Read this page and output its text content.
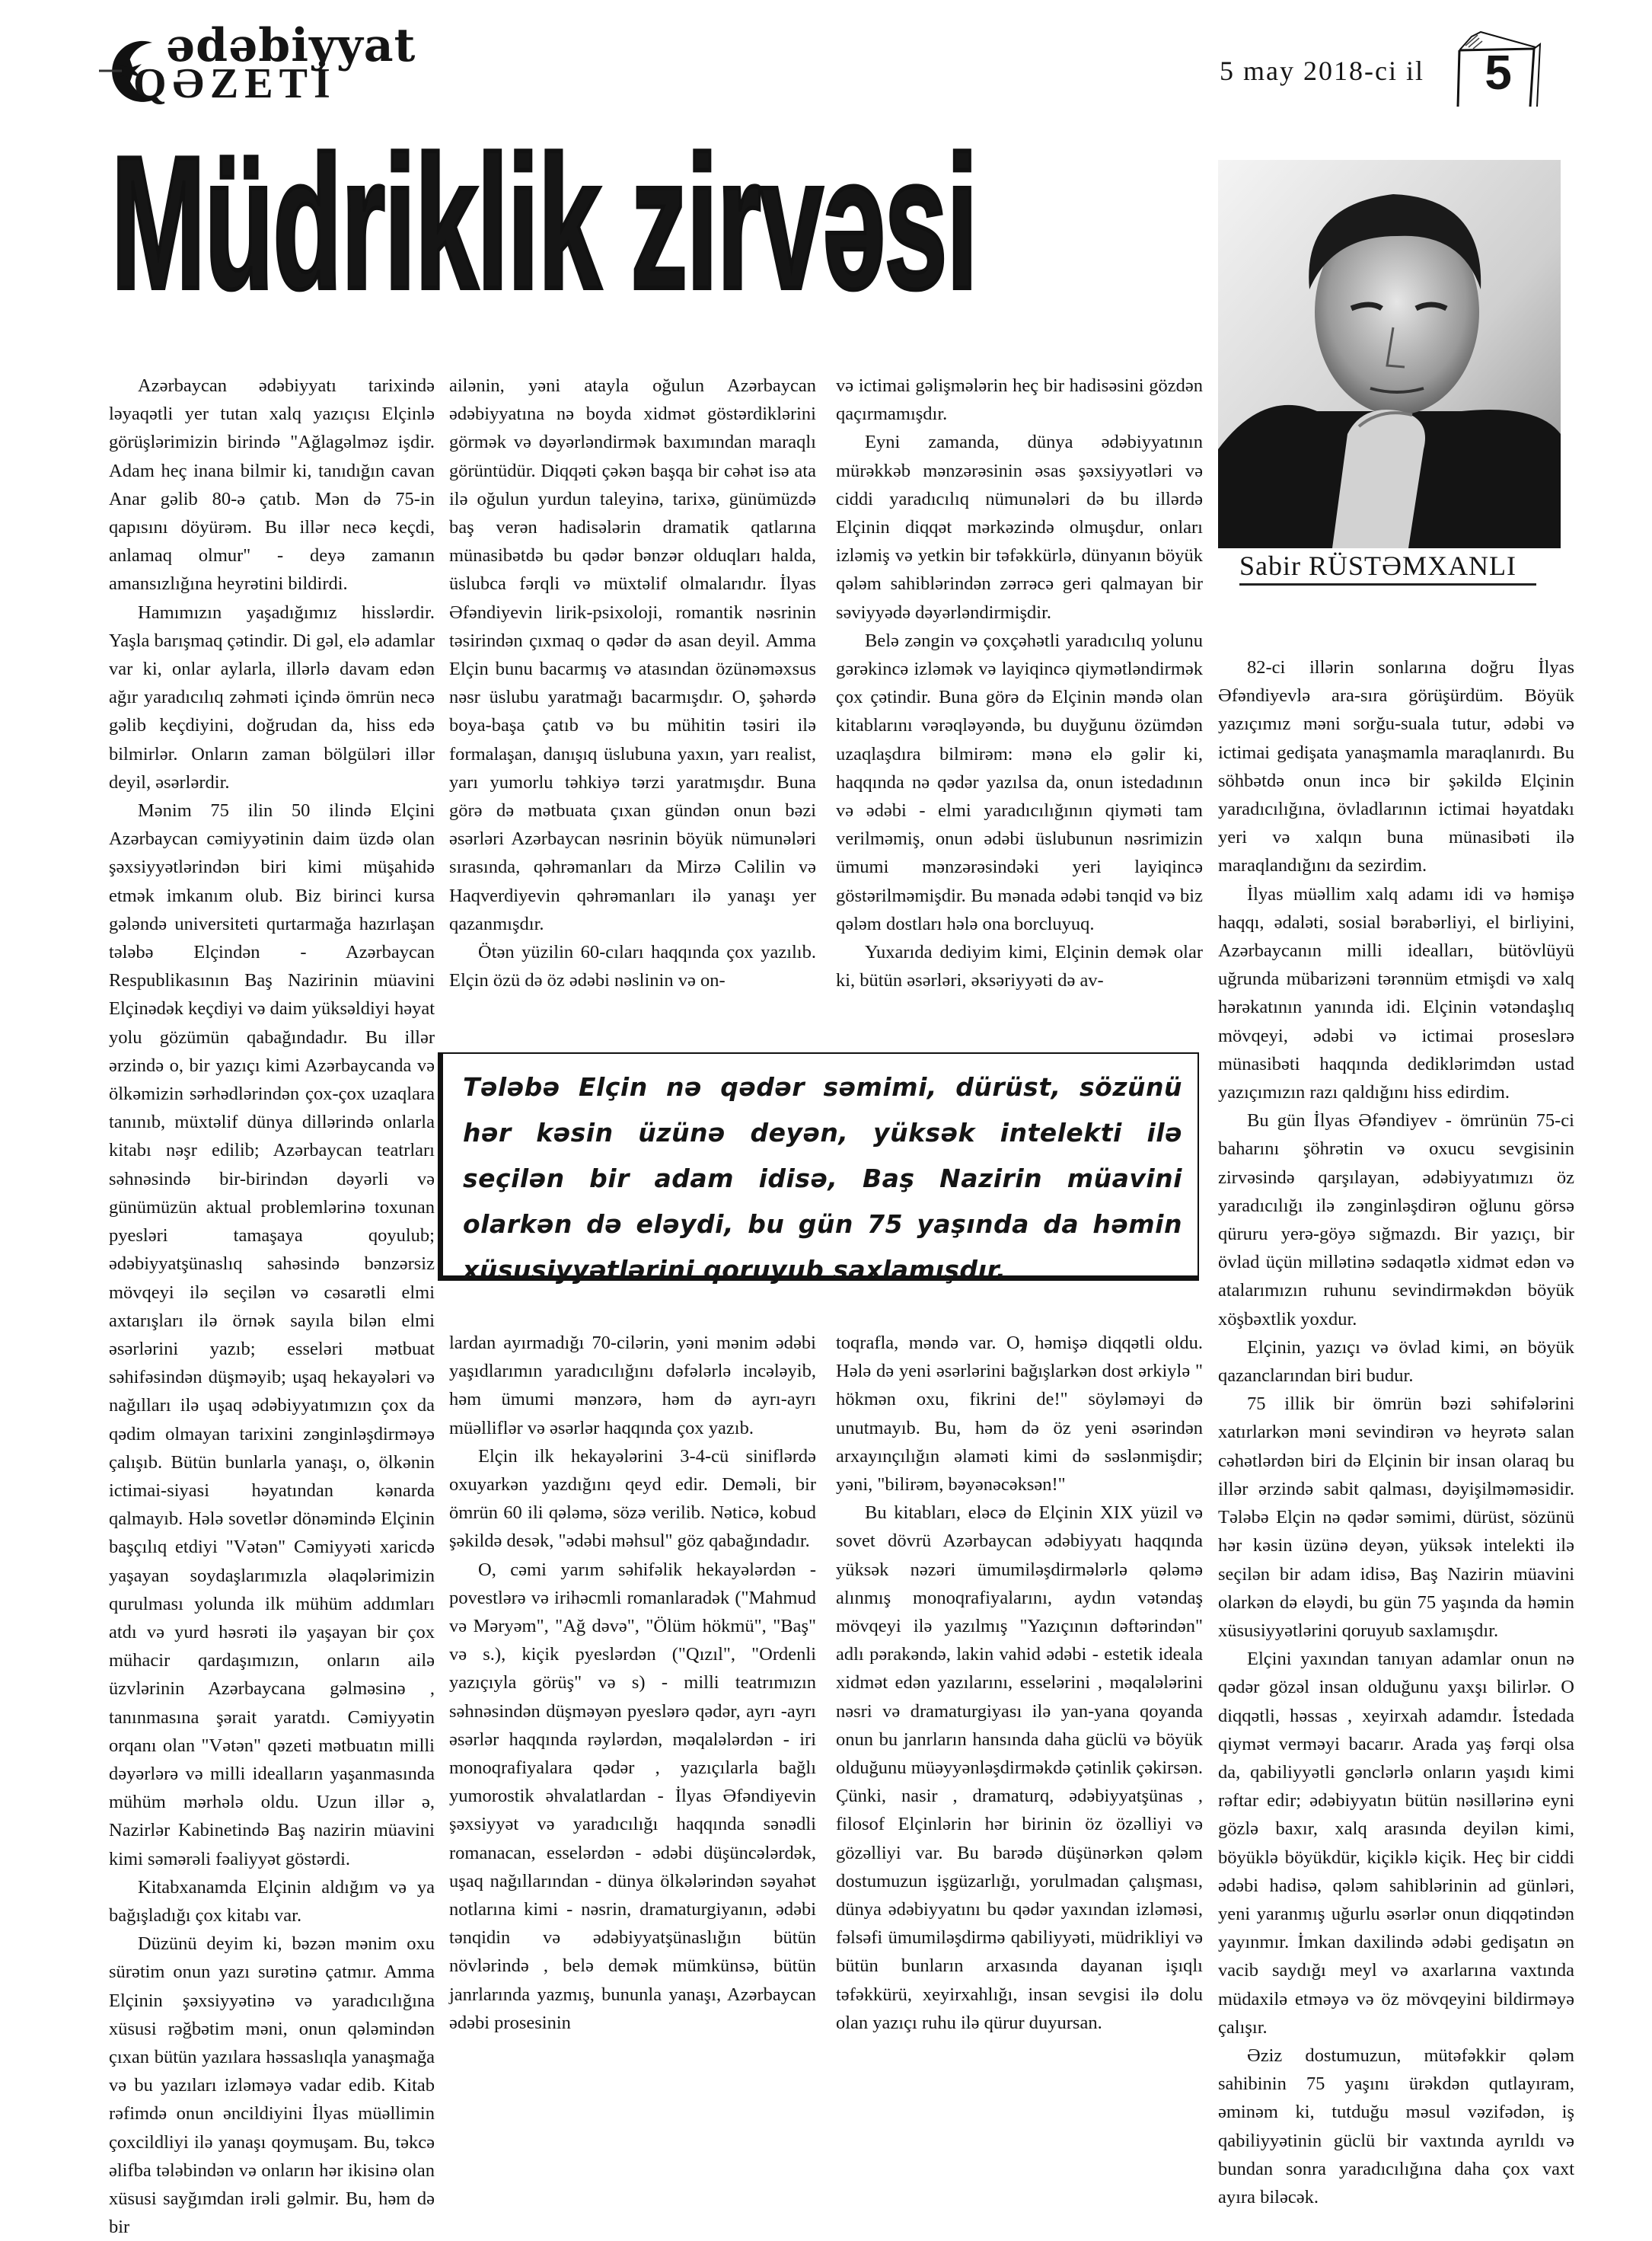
ədəbiyyat
QƏZETİ	5 may 2018-ci il	5
Müdriklik zirvəsi
Sabir RÜSTƏMXANLI

Azərbaycan ədəbiyyatı tarixində ləyaqətli yer tutan xalq yazıçısı Elçinlə görüşlərimizin birində "Ağlagəlməz işdir. Adam heç inana bilmir ki, tanıdığın cavan Anar gəlib 80-ə çatıb. Mən də 75-in qapısını döyürəm. Bu illər necə keçdi, anlamaq olmur" - deyə zamanın amansızlığına heyrətini bildirdi.

Hamımızın yaşadığımız hisslərdir. Yaşla barışmaq çətindir. Di gəl, elə adamlar var ki, onlar aylarla, illərlə davam edən ağır yaradıcılıq zəhməti içində ömrün necə gəlib keçdiyini, doğrudan da, hiss edə bilmirlər. Onların zaman bölgüləri illər deyil, əsərlərdir.

Mənim 75 ilin 50 ilində Elçini Azərbaycan cəmiyyətinin daim üzdə olan şəxsiyyətlərindən biri kimi müşahidə etmək imkanım olub. Biz birinci kursa gələndə universiteti qurtarmağa hazırlaşan tələbə Elçindən - Azərbaycan Respublikasının Baş Nazirinin müavini Elçinədək keçdiyi və daim yüksəldiyi həyat yolu gözümün qabağındadır. Bu illər ərzində o, bir yazıçı kimi Azərbaycanda və ölkəmizin sərhədlərindən çox-çox uzaqlara tanınıb, müxtəlif dünya dillərində onlarla kitabı nəşr edilib; Azərbaycan teatrları səhnəsində bir-birindən dəyərli və günümüzün aktual problemlərinə toxunan pyesləri tamaşaya qoyulub; ədəbiyyatşünaslıq sahəsində bənzərsiz mövqeyi ilə seçilən və cəsarətli elmi axtarışları ilə örnək sayıla bilən elmi əsərlərini yazıb; esseləri mətbuat səhifəsindən düşməyib; uşaq hekayələri və nağılları ilə uşaq ədəbiyyatımızın çox da qədim olmayan tarixini zənginləşdirməyə çalışıb. Bütün bunlarla yanaşı, o, ölkənin ictimai-siyasi həyatından kənarda qalmayıb. Hələ sovetlər dönəmində Elçinin başçılıq etdiyi "Vətən" Cəmiyyəti xaricdə yaşayan soydaşlarımızla əlaqələrimizin qurulması yolunda ilk mühüm addımları atdı və yurd həsrəti ilə yaşayan bir çox mühacir qardaşımızın, onların ailə üzvlərinin Azərbaycana gəlməsinə , tanınmasına şərait yaratdı. Cəmiyyətin orqanı olan "Vətən" qəzeti mətbuatın milli dəyərlərə və milli idealların yaşanmasında mühüm mərhələ oldu. Uzun illər ə, Nazirlər Kabinetində Baş nazirin müavini kimi səmərəli fəaliyyət göstərdi.

Kitabxanamda Elçinin aldığım və ya bağışladığı çox kitabı var.

Düzünü deyim ki, bəzən mənim oxu sürətim onun yazı surətinə çatmır. Amma Elçinin şəxsiyyətinə və yaradıcılığına xüsusi rəğbətim məni, onun qələmindən çıxan bütün yazılara həssaslıqla yanaşmağa və bu yazıları izləməyə vadar edib. Kitab rəfimdə onun əncildiyini İlyas müəllimin çoxcildliyi ilə yanaşı qoymuşam. Bu, təkcə əlifba tələbindən və onların hər ikisinə olan xüsusi sayğımdan irəli gəlmir. Bu, həm də bir

ailənin, yəni atayla oğulun Azərbaycan ədəbiyyatına nə boyda xidmət göstərdiklərini görmək və dəyərləndirmək baxımından maraqlı görüntüdür. Diqqəti çəkən başqa bir cəhət isə ata ilə oğulun yurdun taleyinə, tarixə, günümüzdə baş verən hadisələrin dramatik qatlarına münasibətdə bu qədər bənzər olduqları halda, üslubca fərqli və müxtəlif olmalarıdır. İlyas Əfəndiyevin lirik-psixoloji, romantik nəsrinin təsirindən çıxmaq o qədər də asan deyil. Amma Elçin bunu bacarmış və atasından özünəməxsus nəsr üslubu yaratmağı bacarmışdır. O, şəhərdə boya-başa çatıb və bu mühitin təsiri ilə formalaşan, danışıq üslubuna yaxın, yarı realist, yarı yumorlu təhkiyə tərzi yaratmışdır. Buna görə də mətbuata çıxan gündən onun bəzi əsərləri Azərbaycan nəsrinin böyük nümunələri sırasında, qəhrəmanları da Mirzə Cəlilin və Haqverdiyevin qəhrəmanları ilə yanaşı yer qazanmışdır.

Ötən yüzilin 60-cıları haqqında çox yazılıb. Elçin özü də öz ədəbi nəslinin və on-

və ictimai gəlişmələrin heç bir hadisəsini gözdən qaçırmamışdır.

Eyni zamanda, dünya ədəbiyyatının mürəkkəb mənzərəsinin əsas şəxsiyyətləri və ciddi yaradıcılıq nümunələri də bu illərdə Elçinin diqqət mərkəzində olmuşdur, onları izləmiş və yetkin bir təfəkkürlə, dünyanın böyük qələm sahiblərindən zərrəcə geri qalmayan bir səviyyədə dəyərləndirmişdir.

Belə zəngin və çoxçəhətli yaradıcılıq yolunu gərəkincə izləmək və layiqincə qiymətləndirmək çox çətindir. Buna görə də Elçinin məndə olan kitablarını vərəqləyəndə, bu duyğunu özümdən uzaqlaşdıra bilmirəm: mənə elə gəlir ki, haqqında nə qədər yazılsa da, onun istedadının və ədəbi - elmi yaradıcılığının qiyməti tam verilməmiş, onun ədəbi üslubunun nəsrimizin ümumi mənzərəsindəki yeri layiqincə göstərilməmişdir. Bu mənada ədəbi tənqid və biz qələm dostları hələ ona borcluyuq.

Yuxarıda dediyim kimi, Elçinin demək olar ki, bütün əsərləri, əksəriyyəti də av-

Tələbə Elçin nə qədər səmimi, dürüst, sözünü hər kəsin üzünə deyən, yüksək intelekti ilə seçilən bir adam idisə, Baş Nazirin müavini olarkən də eləydi, bu gün 75 yaşında da həmin xüsusiyyətlərini qoruyub saxlamışdır.

lardan ayırmadığı 70-cilərin, yəni mənim ədəbi yaşıdlarımın yaradıcılığını dəfələrlə incələyib, həm ümumi mənzərə, həm də ayrı-ayrı müəlliflər və əsərlər haqqında çox yazıb.

Elçin ilk hekayələrini 3-4-cü siniflərdə oxuyarkən yazdığını qeyd edir. Deməli, bir ömrün 60 ili qələmə, sözə verilib. Nəticə, kobud şəkildə desək, "ədəbi məhsul" göz qabağındadır.

O, cəmi yarım səhifəlik hekayələrdən - povestlərə və irihəcmli romanlaradək ("Mahmud və Məryəm", "Ağ dəvə", "Ölüm hökmü", "Baş" və s.), kiçik pyeslərdən ("Qızıl", "Ordenli yazıçıyla görüş" və s) - milli teatrımızın səhnəsindən düşməyən pyeslərə qədər, ayrı -ayrı əsərlər haqqında rəylərdən, məqalələrdən - iri monoqrafiyalara qədər , yazıçılarla bağlı yumorostik əhvalatlardan - İlyas Əfəndiyevin şəxsiyyət və yaradıcılığı haqqında sənədli romanacan, esselərdən - ədəbi düşüncələrdək, uşaq nağıllarından - dünya ölkələrindən səyahət notlarına kimi - nəsrin, dramaturgiyanın, ədəbi tənqidin və ədəbiyyatşünaslığın bütün növlərində , belə demək mümkünsə, bütün janrlarında yazmış, bununla yanaşı, Azərbaycan ədəbi prosesinin

toqrafla, məndə var. O, həmişə diqqətli oldu. Hələ də yeni əsərlərini bağışlarkən dost ərkiylə " hökmən oxu, fikrini de!" söyləməyi də unutmayıb. Bu, həm də öz yeni əsərindən arxayınçılığın əlaməti kimi də səslənmişdir; yəni, "bilirəm, bəyənəcəksən!"

Bu kitabları, eləcə də Elçinin XIX yüzil və sovet dövrü Azərbaycan ədəbiyyatı haqqında yüksək nəzəri ümumiləşdirmələrlə qələmə alınmış monoqrafiyalarını, aydın vətəndaş mövqeyi ilə yazılmış "Yazıçının dəftərindən" adlı pərakəndə, lakin vahid ədəbi - estetik ideala xidmət edən yazılarını, esselərini , məqalələrini nəsri və dramaturgiyası ilə yan-yana qoyanda onun bu janrların hansında daha güclü və böyük olduğunu müəyyənləşdirməkdə çətinlik çəkirsən. Çünki, nasir , dramaturq, ədəbiyyatşünas , filosof Elçinlərin hər birinin öz özəlliyi və gözəlliyi var. Bu barədə düşünərkən qələm dostumuzun işgüzarlığı, yorulmadan çalışması, dünya ədəbiyyatını bu qədər yaxından izləməsi, fəlsəfi ümumiləşdirmə qabiliyyəti, müdrikliyi və bütün bunların arxasında dayanan işıqlı təfəkkürü, xeyirxahlığı, insan sevgisi ilə dolu olan yazıçı ruhu ilə qürur duyursan.

82-ci illərin sonlarına doğru İlyas Əfəndiyevlə ara-sıra görüşürdüm. Böyük yazıçımız məni sorğu-suala tutur, ədəbi və ictimai gedişata yanaşmamla maraqlanırdı. Bu söhbətdə onun incə bir şəkildə Elçinin yaradıcılığına, övladlarının ictimai həyatdakı yeri və xalqın buna münasibəti ilə maraqlandığını da sezirdim.

İlyas müəllim xalq adamı idi və həmişə haqqı, ədaləti, sosial bərabərliyi, el birliyini, Azərbaycanın milli idealları, bütövlüyü uğrunda mübarizəni tərənnüm etmişdi və xalq hərəkatının yanında idi. Elçinin vətəndaşlıq mövqeyi, ədəbi və ictimai proseslərə münasibəti haqqında dediklərimdən ustad yazıçımızın razı qaldığını hiss edirdim.

Bu gün İlyas Əfəndiyev - ömrünün 75-ci baharını şöhrətin və oxucu sevgisinin zirvəsində qarşılayan, ədəbiyyatımızı öz yaradıcılığı ilə zənginləşdirən oğlunu görsə qüruru yerə-göyə sığmazdı. Bir yazıçı, bir övlad üçün millətinə sədaqətlə xidmət edən və atalarımızın ruhunu sevindirməkdən böyük xöşbəxtlik yoxdur.

Elçinin, yazıçı və övlad kimi, ən böyük qazanclarından biri budur.

75 illik bir ömrün bəzi səhifələrini xatırlarkən məni sevindirən və heyrətə salan cəhətlərdən biri də Elçinin bir insan olaraq bu illər ərzində sabit qalması, dəyişilməməsidir. Tələbə Elçin nə qədər səmimi, dürüst, sözünü hər kəsin üzünə deyən, yüksək intelekti ilə seçilən bir adam idisə, Baş Nazirin müavini olarkən də eləydi, bu gün 75 yaşında da həmin xüsusiyyətlərini qoruyub saxlamışdır.

Elçini yaxından tanıyan adamlar onun nə qədər gözəl insan olduğunu yaxşı bilirlər. O diqqətli, həssas , xeyirxah adamdır. İstedada qiymət verməyi bacarır. Arada yaş fərqi olsa da, qabiliyyətli gənclərlə onların yaşıdı kimi rəftar edir; ədəbiyyatın bütün nəsillərinə eyni gözlə baxır, xalq arasında deyilən kimi, böyüklə böyükdür, kiçiklə kiçik. Heç bir ciddi ədəbi hadisə, qələm sahiblərinin ad günləri, yeni yaranmış uğurlu əsərlər onun diqqətindən yayınmır. İmkan daxilində ədəbi gedişatın ən vacib saydığı meyl və axarlarına vaxtında müdaxilə etməyə və öz mövqeyini bildirməyə çalışır.

Əziz dostumuzun, mütəfəkkir qələm sahibinin 75 yaşını ürəkdən qutlayıram, əminəm ki, tutduğu məsul vəzifədən, iş qabiliyyətinin güclü bir vaxtında ayrıldı və bundan sonra yaradıcılığına daha çox vaxt ayıra biləcək.
